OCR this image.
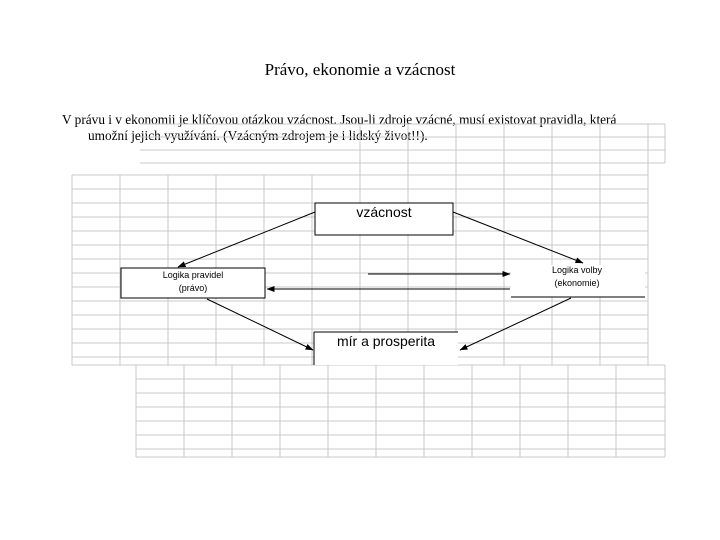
Právo, ekonomie a vzácnost
V právu i v ekonomii je klíčovou otázkou vzácnost. Jsou-li zdroje vzácné, musí existovat pravidla, která
umožní jejich využívání. (Vzácným zdrojem je i lidský život!!).
vzácnost
Logika pravidel
(právo)
Logika volby
(ekonomie)
mír a prosperita
